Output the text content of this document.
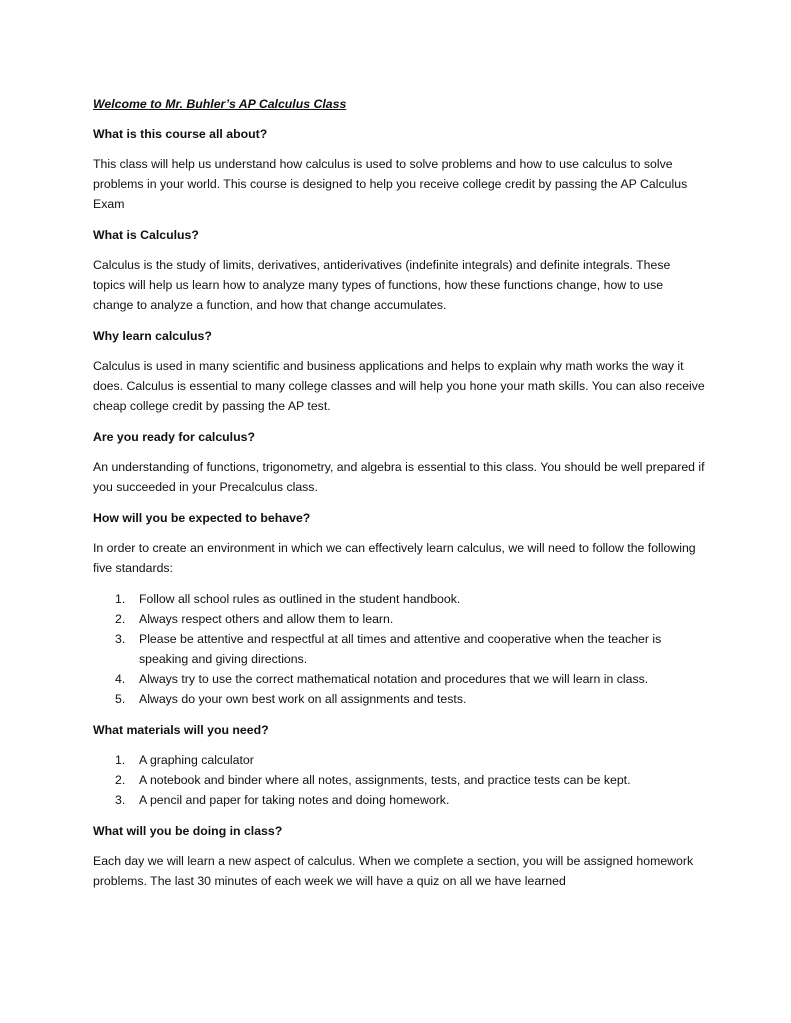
Welcome to Mr. Buhler’s AP Calculus Class

What is this course all about?

This class will help us understand how calculus is used to solve problems and how to use calculus to solve problems in your world. This course is designed to help you receive college credit by passing the AP Calculus Exam

What is Calculus?

Calculus is the study of limits, derivatives, antiderivatives (indefinite integrals) and definite integrals. These topics will help us learn how to analyze many types of functions, how these functions change, how to use change to analyze a function, and how that change accumulates.

Why learn calculus?

Calculus is used in many scientific and business applications and helps to explain why math works the way it does. Calculus is essential to many college classes and will help you hone your math skills. You can also receive cheap college credit by passing the AP test.

Are you ready for calculus?

An understanding of functions, trigonometry, and algebra is essential to this class. You should be well prepared if you succeeded in your Precalculus class.

How will you be expected to behave?

In order to create an environment in which we can effectively learn calculus, we will need to follow the following five standards:

1. Follow all school rules as outlined in the student handbook.
2. Always respect others and allow them to learn.
3. Please be attentive and respectful at all times and attentive and cooperative when the teacher is speaking and giving directions.
4. Always try to use the correct mathematical notation and procedures that we will learn in class.
5. Always do your own best work on all assignments and tests.

What materials will you need?

1. A graphing calculator
2. A notebook and binder where all notes, assignments, tests, and practice tests can be kept.
3. A pencil and paper for taking notes and doing homework.

What will you be doing in class?

Each day we will learn a new aspect of calculus. When we complete a section, you will be assigned homework problems. The last 30 minutes of each week we will have a quiz on all we have learned
